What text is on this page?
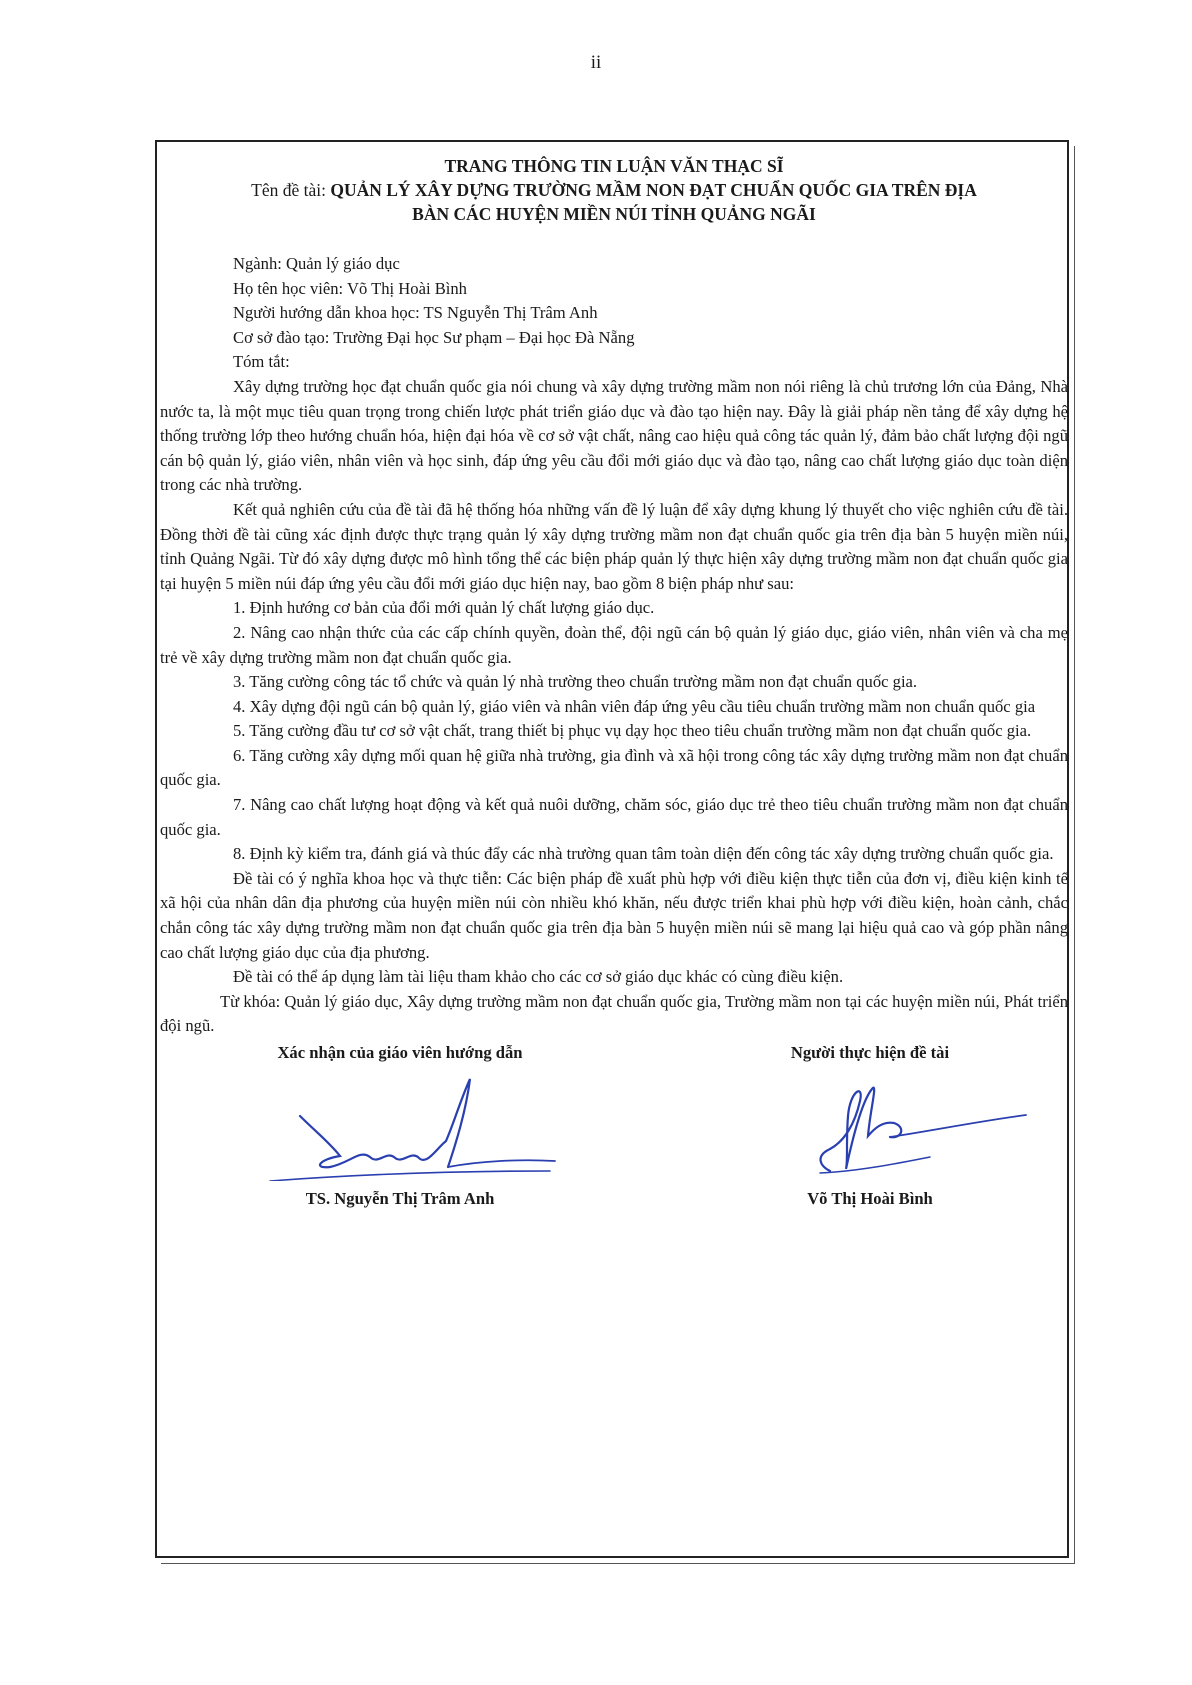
ii

TRANG THÔNG TIN LUẬN VĂN THẠC SĨ

Tên đề tài: QUẢN LÝ XÂY DỰNG TRƯỜNG MẦM NON ĐẠT CHUẨN QUỐC GIA TRÊN ĐỊA
BÀN CÁC HUYỆN MIỀN NÚI TỈNH QUẢNG NGÃI

Ngành: Quản lý giáo dục

Họ tên học viên: Võ Thị Hoài Bình

Người hướng dẫn khoa học: TS Nguyễn Thị Trâm Anh

Cơ sở đào tạo: Trường Đại học Sư phạm – Đại học Đà Nẵng

Tóm tắt:

Xây dựng trường học đạt chuẩn quốc gia nói chung và xây dựng trường mầm non nói riêng là chủ trương lớn của Đảng, Nhà nước ta, là một mục tiêu quan trọng trong chiến lược phát triển giáo dục và đào tạo hiện nay. Đây là giải pháp nền tảng để xây dựng hệ thống trường lớp theo hướng chuẩn hóa, hiện đại hóa về cơ sở vật chất, nâng cao hiệu quả công tác quản lý, đảm bảo chất lượng đội ngũ cán bộ quản lý, giáo viên, nhân viên và học sinh, đáp ứng yêu cầu đổi mới giáo dục và đào tạo, nâng cao chất lượng giáo dục toàn diện trong các nhà trường.

Kết quả nghiên cứu của đề tài đã hệ thống hóa những vấn đề lý luận để xây dựng khung lý thuyết cho việc nghiên cứu đề tài. Đồng thời đề tài cũng xác định được thực trạng quản lý xây dựng trường mầm non đạt chuẩn quốc gia trên địa bàn 5 huyện miền núi, tỉnh Quảng Ngãi. Từ đó xây dựng được mô hình tổng thể các biện pháp quản lý thực hiện xây dựng trường mầm non đạt chuẩn quốc gia tại huyện 5 miền núi đáp ứng yêu cầu đổi mới giáo dục hiện nay, bao gồm 8 biện pháp như sau:

1. Định hướng cơ bản của đổi mới quản lý chất lượng giáo dục.

2. Nâng cao nhận thức của các cấp chính quyền, đoàn thể, đội ngũ cán bộ quản lý giáo dục, giáo viên, nhân viên và cha mẹ trẻ về xây dựng trường mầm non đạt chuẩn quốc gia.

3. Tăng cường công tác tổ chức và quản lý nhà trường theo chuẩn trường mầm non đạt chuẩn quốc gia.

4. Xây dựng đội ngũ cán bộ quản lý, giáo viên và nhân viên đáp ứng yêu cầu tiêu chuẩn trường mầm non chuẩn quốc gia

5. Tăng cường đầu tư cơ sở vật chất, trang thiết bị phục vụ dạy học theo tiêu chuẩn trường mầm non đạt chuẩn quốc gia.

6. Tăng cường xây dựng mối quan hệ giữa nhà trường, gia đình và xã hội trong công tác xây dựng trường mầm non đạt chuẩn quốc gia.

7. Nâng cao chất lượng hoạt động và kết quả nuôi dưỡng, chăm sóc, giáo dục trẻ theo tiêu chuẩn trường mầm non đạt chuẩn quốc gia.

8. Định kỳ kiểm tra, đánh giá và thúc đẩy các nhà trường quan tâm toàn diện đến công tác xây dựng trường chuẩn quốc gia.

Đề tài có ý nghĩa khoa học và thực tiễn: Các biện pháp đề xuất phù hợp với điều kiện thực tiễn của đơn vị, điều kiện kinh tế xã hội của nhân dân địa phương của huyện miền núi còn nhiều khó khăn, nếu được triển khai phù hợp với điều kiện, hoàn cảnh, chắc chắn công tác xây dựng trường mầm non đạt chuẩn quốc gia trên địa bàn 5 huyện miền núi sẽ mang lại hiệu quả cao và góp phần nâng cao chất lượng giáo dục của địa phương.

Đề tài có thể áp dụng làm tài liệu tham khảo cho các cơ sở giáo dục khác có cùng điều kiện.

Từ khóa: Quản lý giáo dục, Xây dựng trường mầm non đạt chuẩn quốc gia, Trường mầm non tại các huyện miền núi, Phát triển đội ngũ.

Xác nhận của giáo viên hướng dẫn

TS. Nguyễn Thị Trâm Anh

Người thực hiện đề tài

Võ Thị Hoài Bình
